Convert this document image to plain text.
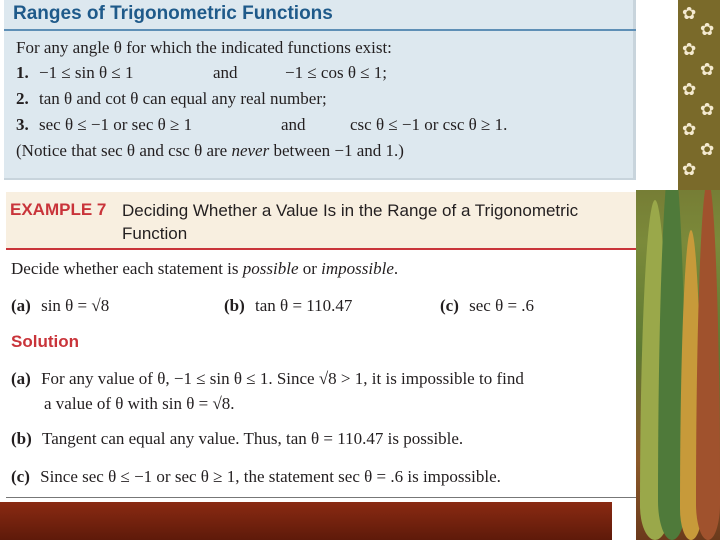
✿
✿
✿
✿
✿
✿
✿
✿
✿
Ranges of Trigonometric Functions
For any angle θ for which the indicated functions exist:
1. −1 ≤ sin θ ≤ 1	and	−1 ≤ cos θ ≤ 1;
2. tan θ and cot θ can equal any real number;
3. sec θ ≤ −1 or sec θ ≥ 1	and	csc θ ≤ −1 or csc θ ≥ 1.
(Notice that sec θ and csc θ are never between −1 and 1.)
EXAMPLE 7 Deciding Whether a Value Is in the Range of a Trigonometric Function
Decide whether each statement is possible or impossible.
(a) sin θ = √8	(b) tan θ = 110.47	(c) sec θ = .6
Solution
(a) For any value of θ, −1 ≤ sin θ ≤ 1. Since √8 > 1, it is impossible to find
a value of θ with sin θ = √8.
(b) Tangent can equal any value. Thus, tan θ = 110.47 is possible.
(c) Since sec θ ≤ −1 or sec θ ≥ 1, the statement sec θ = .6 is impossible.
